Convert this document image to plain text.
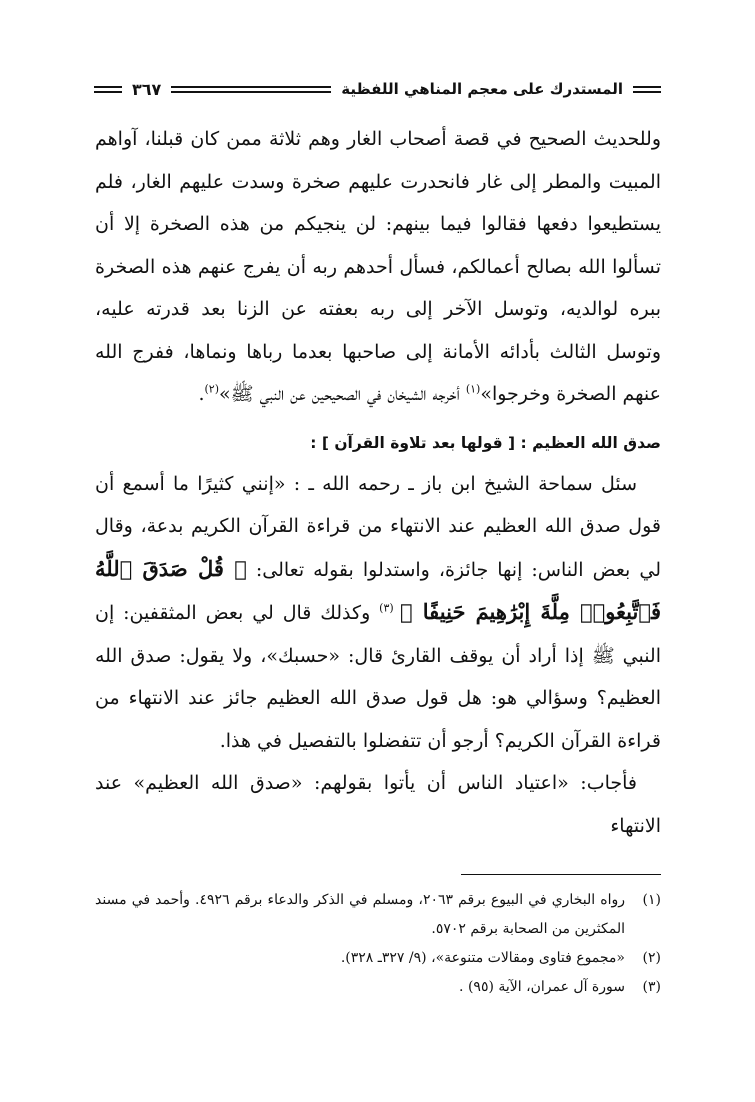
المستدرك على معجم المناهي اللفظية
٣٦٧

وللحديث الصحيح في قصة أصحاب الغار وهم ثلاثة ممن كان قبلنا، آواهم المبيت والمطر إلى غار فانحدرت عليهم صخرة وسدت عليهم الغار، فلم يستطيعوا دفعها فقالوا فيما بينهم: لن ينجيكم من هذه الصخرة إلا أن تسألوا الله بصالح أعمالكم، فسأل أحدهم ربه أن يفرج عنهم هذه الصخرة ببره لوالديه، وتوسل الآخر إلى ربه بعفته عن الزنا بعد قدرته عليه، وتوسل الثالث بأدائه الأمانة إلى صاحبها بعدما رباها ونماها، ففرج الله عنهم الصخرة وخرجوا»$^{(١)}$ أخرجه الشيخان في الصحيحين عن النبي ﷺ»$^{(٢)}$.

صدق الله العظيم : [ قولها بعد تلاوة القرآن ] :

سئل سماحة الشيخ ابن باز ـ رحمه الله ـ : «إنني كثيرًا ما أسمع أن قول صدق الله العظيم عند الانتهاء من قراءة القرآن الكريم بدعة، وقال لي بعض الناس: إنها جائزة، واستدلوا بقوله تعالى: ﴿ قُلْ صَدَقَ ٱللَّهُ فَٱتَّبِعُوا۟ مِلَّةَ إِبْرَٰهِيمَ حَنِيفًا ﴾ $^{(٣)}$ وكذلك قال لي بعض المثقفين: إن النبي ﷺ إذا أراد أن يوقف القارئ قال: «حسبك»، ولا يقول: صدق الله العظيم؟ وسؤالي هو: هل قول صدق الله العظيم جائز عند الانتهاء من قراءة القرآن الكريم؟ أرجو أن تتفضلوا بالتفصيل في هذا.

فأجاب: «اعتياد الناس أن يأتوا بقولهم: «صدق الله العظيم» عند الانتهاء

(١)
رواه البخاري في البيوع برقم ٢٠٦٣، ومسلم في الذكر والدعاء برقم ٤٩٢٦. وأحمد في مسند المكثرين من الصحابة برقم ٥٧٠٢.
(٢)
«مجموع فتاوى ومقالات متنوعة»، (٩/ ٣٢٧ـ ٣٢٨).
(٣)
سورة آل عمران، الآية (٩٥) .
